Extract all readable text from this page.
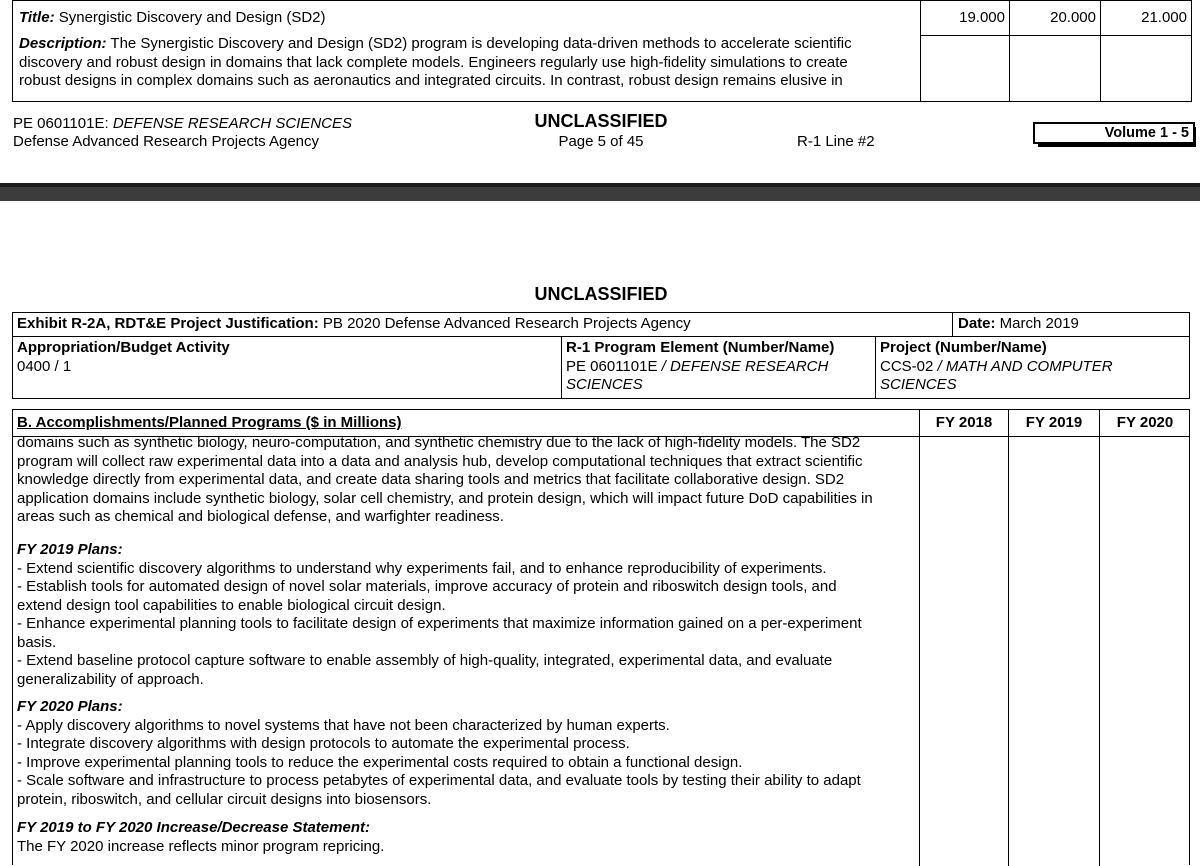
Title: Synergistic Discovery and Design (SD2)	19.000	20.000	21.000
Description: The Synergistic Discovery and Design (SD2) program is developing data-driven methods to accelerate scientific
discovery and robust design in domains that lack complete models. Engineers regularly use high-fidelity simulations to create
robust designs in complex domains such as aeronautics and integrated circuits. In contrast, robust design remains elusive in
PE 0601101E: DEFENSE RESEARCH SCIENCES
Defense Advanced Research Projects Agency
UNCLASSIFIED
Page 5 of 45	R-1 Line #2	Volume 1 - 5
UNCLASSIFIED
Exhibit R-2A, RDT&E Project Justification: PB 2020 Defense Advanced Research Projects Agency	Date: March 2019
Appropriation/Budget Activity
0400 / 1
R-1 Program Element (Number/Name)
PE 0601101E / DEFENSE RESEARCH
SCIENCES
Project (Number/Name)
CCS-02 / MATH AND COMPUTER
SCIENCES
B. Accomplishments/Planned Programs ($ in Millions)	FY 2018	FY 2019	FY 2020
domains such as synthetic biology, neuro-computation, and synthetic chemistry due to the lack of high-fidelity models. The SD2
program will collect raw experimental data into a data and analysis hub, develop computational techniques that extract scientific
knowledge directly from experimental data, and create data sharing tools and metrics that facilitate collaborative design. SD2
application domains include synthetic biology, solar cell chemistry, and protein design, which will impact future DoD capabilities in
areas such as chemical and biological defense, and warfighter readiness.
FY 2019 Plans:
- Extend scientific discovery algorithms to understand why experiments fail, and to enhance reproducibility of experiments.
- Establish tools for automated design of novel solar materials, improve accuracy of protein and riboswitch design tools, and
extend design tool capabilities to enable biological circuit design.
- Enhance experimental planning tools to facilitate design of experiments that maximize information gained on a per-experiment
basis.
- Extend baseline protocol capture software to enable assembly of high-quality, integrated, experimental data, and evaluate
generalizability of approach.
FY 2020 Plans:
- Apply discovery algorithms to novel systems that have not been characterized by human experts.
- Integrate discovery algorithms with design protocols to automate the experimental process.
- Improve experimental planning tools to reduce the experimental costs required to obtain a functional design.
- Scale software and infrastructure to process petabytes of experimental data, and evaluate tools by testing their ability to adapt
protein, riboswitch, and cellular circuit designs into biosensors.
FY 2019 to FY 2020 Increase/Decrease Statement:
The FY 2020 increase reflects minor program repricing.
